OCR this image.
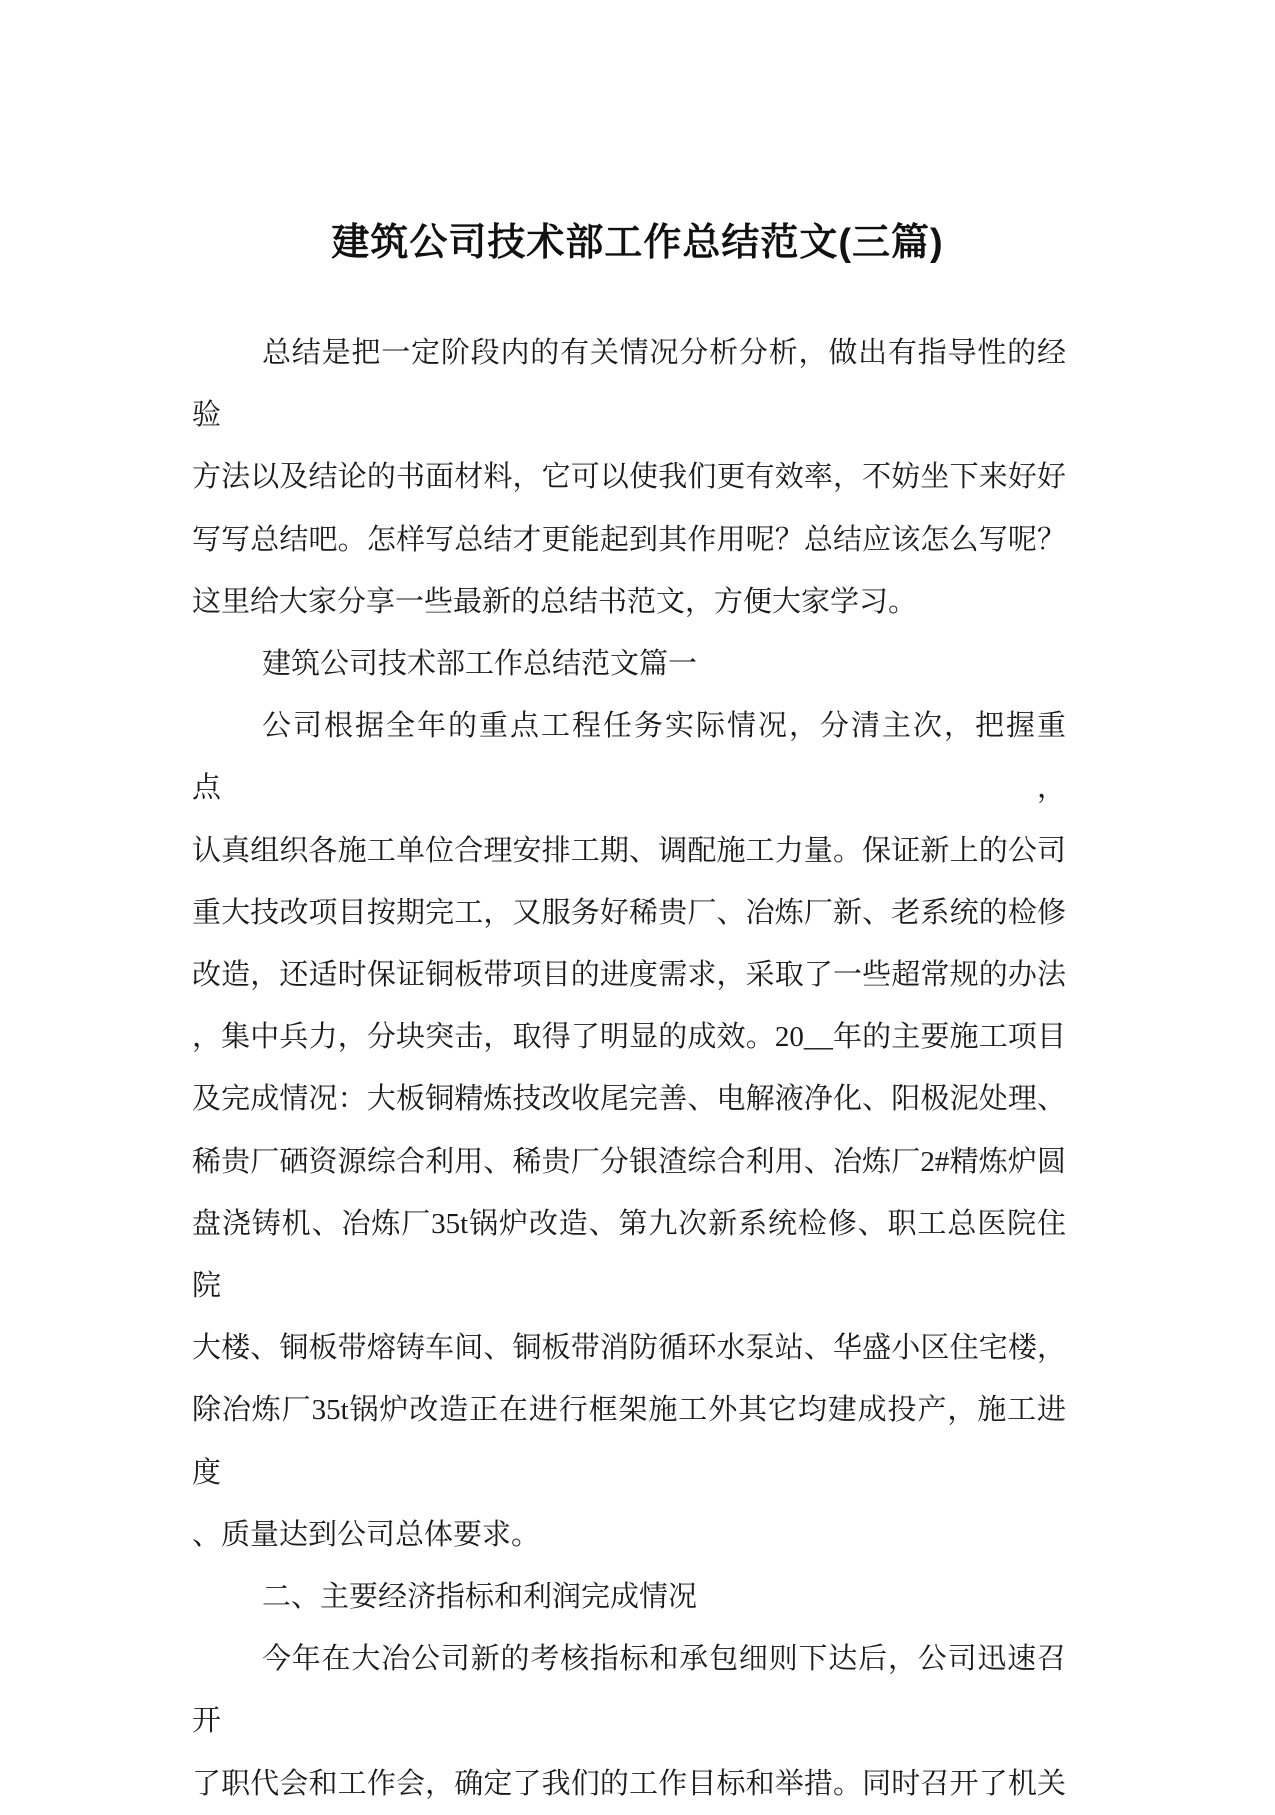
建筑公司技术部工作总结范文(三篇)
总结是把一定阶段内的有关情况分析分析，做出有指导性的经验
方法以及结论的书面材料，它可以使我们更有效率，不妨坐下来好好
写写总结吧。怎样写总结才更能起到其作用呢？总结应该怎么写呢？
这里给大家分享一些最新的总结书范文，方便大家学习。
建筑公司技术部工作总结范文篇一
公司根据全年的重点工程任务实际情况，分清主次，把握重点，
认真组织各施工单位合理安排工期、调配施工力量。保证新上的公司
重大技改项目按期完工，又服务好稀贵厂、冶炼厂新、老系统的检修
改造，还适时保证铜板带项目的进度需求，采取了一些超常规的办法
，集中兵力，分块突击，取得了明显的成效。20__年的主要施工项目
及完成情况：大板铜精炼技改收尾完善、电解液净化、阳极泥处理、
稀贵厂硒资源综合利用、稀贵厂分银渣综合利用、冶炼厂2#精炼炉圆
盘浇铸机、冶炼厂35t锅炉改造、第九次新系统检修、职工总医院住院
大楼、铜板带熔铸车间、铜板带消防循环水泵站、华盛小区住宅楼，
除冶炼厂35t锅炉改造正在进行框架施工外其它均建成投产，施工进度
、质量达到公司总体要求。
二、主要经济指标和利润完成情况
今年在大冶公司新的考核指标和承包细则下达后，公司迅速召开
了职代会和工作会，确定了我们的工作目标和举措。同时召开了机关
